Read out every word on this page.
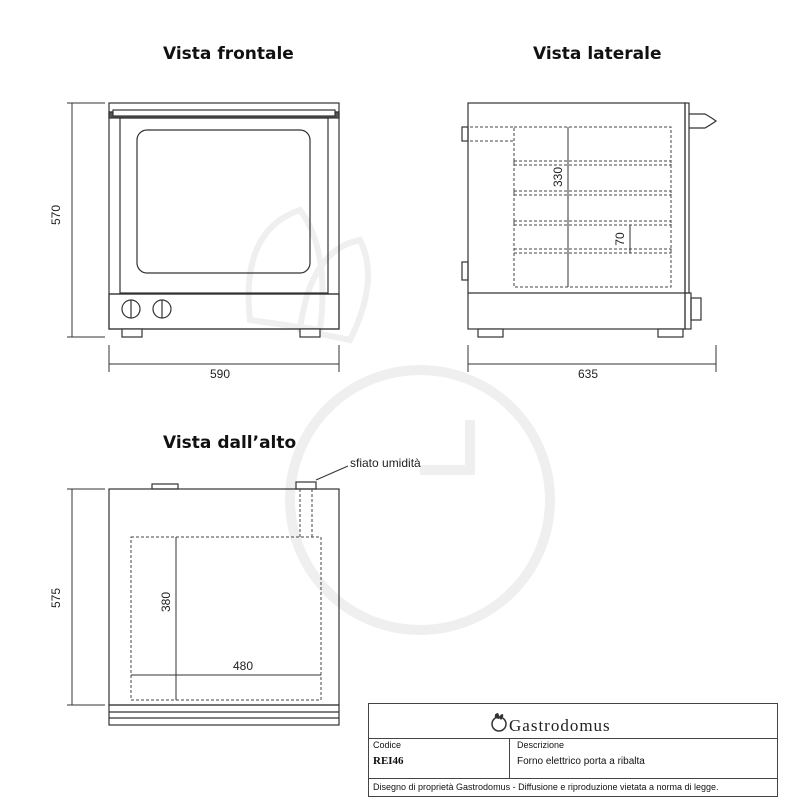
Vista frontale	Vista laterale
Vista dall’alto
570
590
330
70
635
575	380
480
sfiato umidità
Gastrodomus
Codice
REI46
Descrizione
Forno elettrico porta a ribalta
Disegno di proprietà Gastrodomus - Diffusione e riproduzione vietata a norma di legge.
